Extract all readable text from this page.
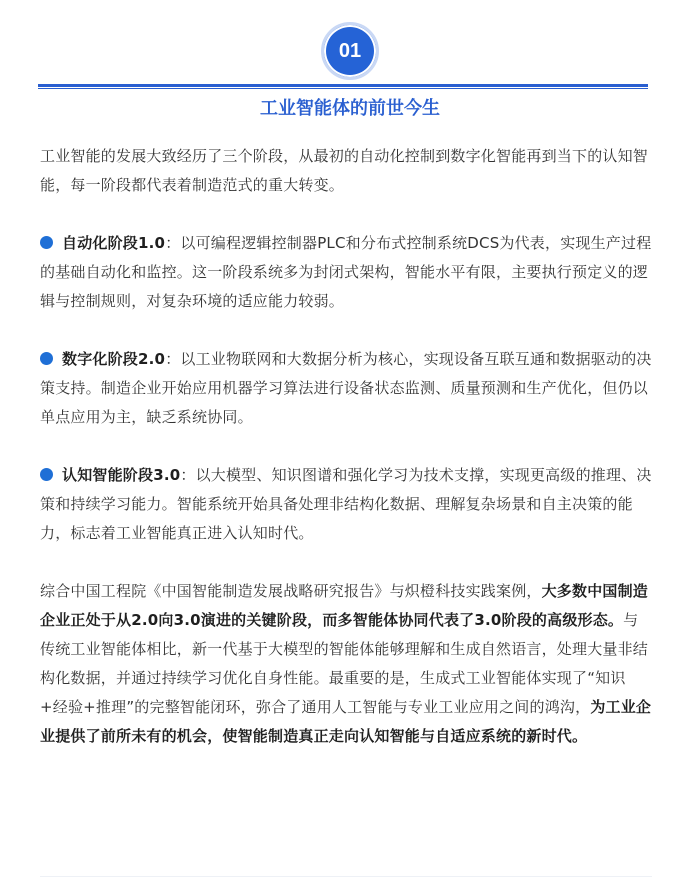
01
工业智能体的前世今生

工业智能的发展大致经历了三个阶段，从最初的自动化控制到数字化智能再到当下的认知智能，每一阶段都代表着制造范式的重大转变。

自动化阶段1.0：以可编程逻辑控制器PLC和分布式控制系统DCS为代表，实现生产过程的基础自动化和监控。这一阶段系统多为封闭式架构，智能水平有限，主要执行预定义的逻辑与控制规则，对复杂环境的适应能力较弱。

数字化阶段2.0：以工业物联网和大数据分析为核心，实现设备互联互通和数据驱动的决策支持。制造企业开始应用机器学习算法进行设备状态监测、质量预测和生产优化，但仍以单点应用为主，缺乏系统协同。

认知智能阶段3.0：以大模型、知识图谱和强化学习为技术支撑，实现更高级的推理、决策和持续学习能力。智能系统开始具备处理非结构化数据、理解复杂场景和自主决策的能力，标志着工业智能真正进入认知时代。

综合中国工程院《中国智能制造发展战略研究报告》与炽橙科技实践案例，大多数中国制造企业正处于从2.0向3.0演进的关键阶段，而多智能体协同代表了3.0阶段的高级形态。与传统工业智能体相比，新一代基于大模型的智能体能够理解和生成自然语言，处理大量非结构化数据，并通过持续学习优化自身性能。最重要的是，生成式工业智能体实现了“知识+经验+推理”的完整智能闭环，弥合了通用人工智能与专业工业应用之间的鸿沟，为工业企业提供了前所未有的机会，使智能制造真正走向认知智能与自适应系统的新时代。
